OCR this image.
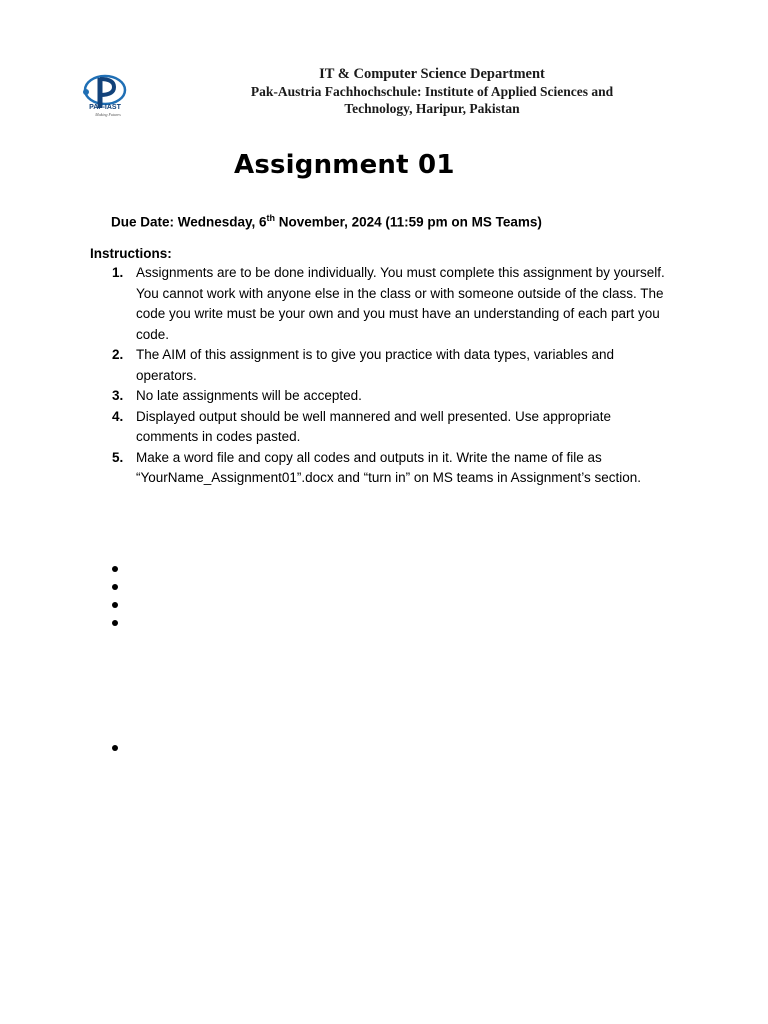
PAF-IAST
Making Futures
IT & Computer Science Department
Pak-Austria Fachhochschule: Institute of Applied Sciences and
Technology, Haripur, Pakistan
Assignment 01
Due Date: Wednesday, 6th November, 2024 (11:59 pm on MS Teams)
Instructions:
1. Assignments are to be done individually. You must complete this assignment by yourself. You cannot work with anyone else in the class or with someone outside of the class. The code you write must be your own and you must have an understanding of each part you code.
2. The AIM of this assignment is to give you practice with data types, variables and operators.
3. No late assignments will be accepted.
4. Displayed output should be well mannered and well presented. Use appropriate comments in codes pasted.
5. Make a word file and copy all codes and outputs in it. Write the name of file as “YourName_Assignment01”.docx and “turn in” on MS teams in Assignment’s section.
